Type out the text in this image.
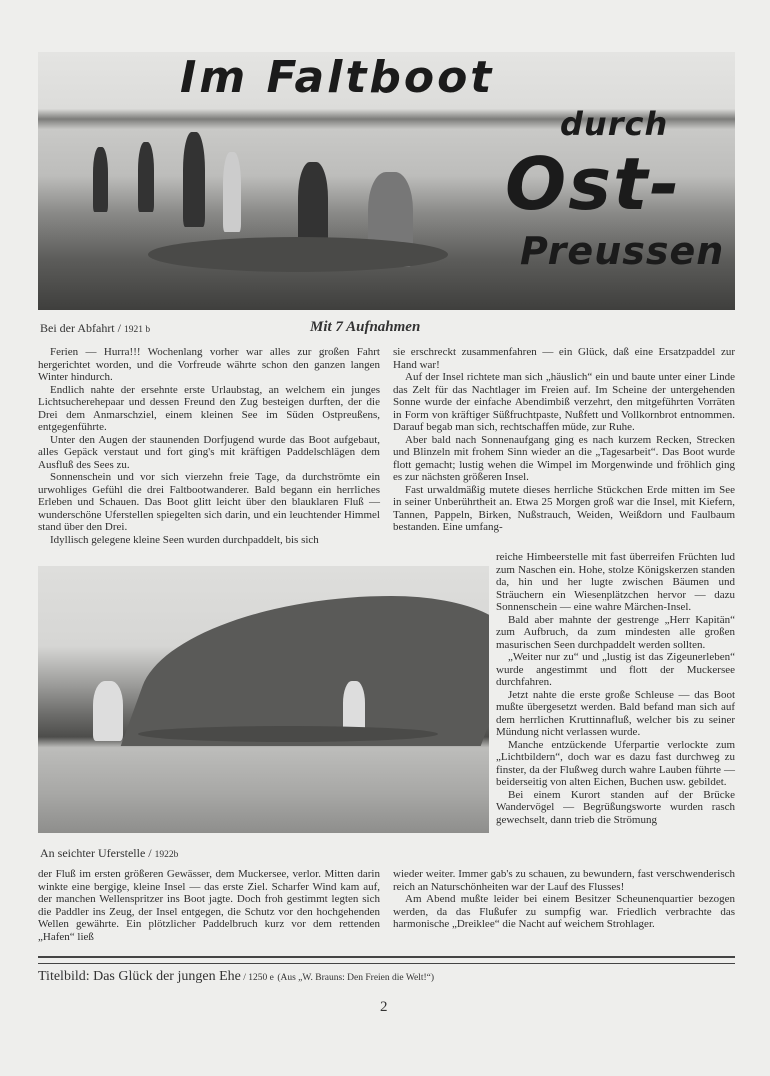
Im Faltboot
durch
Ost-
Preussen
Bei der Abfahrt / 1921 b	Mit 7 Aufnahmen

Ferien — Hurra!!! Wochenlang vorher war alles zur großen Fahrt hergerichtet worden, und die Vorfreude währte schon den ganzen langen Winter hindurch.

Endlich nahte der ersehnte erste Urlaubstag, an welchem ein junges Lichtsucherehepaar und dessen Freund den Zug besteigen durften, der die Drei dem Anmarschziel, einem kleinen See im Süden Ostpreußens, entgegenführte.

Unter den Augen der staunenden Dorfjugend wurde das Boot aufgebaut, alles Gepäck verstaut und fort ging's mit kräftigen Paddelschlägen dem Ausfluß des Sees zu.

Sonnenschein und vor sich vierzehn freie Tage, da durchströmte ein urwohliges Gefühl die drei Faltbootwanderer. Bald begann ein herrliches Erleben und Schauen. Das Boot glitt leicht über den blauklaren Fluß — wunderschöne Uferstellen spiegelten sich darin, und ein leuchtender Himmel stand über den Drei.

Idyllisch gelegene kleine Seen wurden durchpaddelt, bis sich

sie erschreckt zusammenfahren — ein Glück, daß eine Ersatzpaddel zur Hand war!

Auf der Insel richtete man sich „häuslich“ ein und baute unter einer Linde das Zelt für das Nachtlager im Freien auf. Im Scheine der untergehenden Sonne wurde der einfache Abendimbiß verzehrt, den mitgeführten Vorräten in Form von kräftiger Süßfruchtpaste, Nußfett und Vollkornbrot entnommen. Darauf begab man sich, rechtschaffen müde, zur Ruhe.

Aber bald nach Sonnenaufgang ging es nach kurzem Recken, Strecken und Blinzeln mit frohem Sinn wieder an die „Tagesarbeit“. Das Boot wurde flott gemacht; lustig wehen die Wimpel im Morgenwinde und fröhlich ging es zur nächsten größeren Insel.

Fast urwaldmäßig mutete dieses herrliche Stückchen Erde mitten im See in seiner Unberührtheit an. Etwa 25 Morgen groß war die Insel, mit Kiefern, Tannen, Pappeln, Birken, Nußstrauch, Weiden, Weißdorn und Faulbaum bestanden. Eine umfang-

reiche Himbeerstelle mit fast überreifen Früchten lud zum Naschen ein. Hohe, stolze Königskerzen standen da, hin und her lugte zwischen Bäumen und Sträuchern ein Wiesenplätzchen hervor — dazu Sonnenschein — eine wahre Märchen-Insel.

Bald aber mahnte der gestrenge „Herr Kapitän“ zum Aufbruch, da zum mindesten alle großen masurischen Seen durchpaddelt werden sollten.

„Weiter nur zu“ und „lustig ist das Zigeunerleben“ wurde angestimmt und flott der Muckersee durchfahren.

Jetzt nahte die erste große Schleuse — das Boot mußte übergesetzt werden. Bald befand man sich auf dem herrlichen Kruttinnafluß, welcher bis zu seiner Mündung nicht verlassen wurde.

Manche entzückende Uferpartie verlockte zum „Lichtbildern“, doch war es dazu fast durchweg zu finster, da der Flußweg durch wahre Lauben führte — beiderseitig von alten Eichen, Buchen usw. gebildet.

Bei einem Kurort standen auf der Brücke Wandervögel — Begrüßungsworte wurden rasch gewechselt, dann trieb die Strömung

An seichter Uferstelle / 1922b

der Fluß im ersten größeren Gewässer, dem Muckersee, verlor. Mitten darin winkte eine bergige, kleine Insel — das erste Ziel. Scharfer Wind kam auf, der manchen Wellenspritzer ins Boot jagte. Doch froh gestimmt legten sich die Paddler ins Zeug, der Insel entgegen, die Schutz vor den hochgehenden Wellen gewährte. Ein plötzlicher Paddelbruch kurz vor dem rettenden „Hafen“ ließ

wieder weiter. Immer gab's zu schauen, zu bewundern, fast verschwenderisch reich an Naturschönheiten war der Lauf des Flusses!

Am Abend mußte leider bei einem Besitzer Scheunenquartier bezogen werden, da das Flußufer zu sumpfig war. Friedlich verbrachte das harmonische „Dreiklee“ die Nacht auf weichem Strohlager.

Titelbild: Das Glück der jungen Ehe / 1250 e (Aus „W. Brauns: Den Freien die Welt!“)
2
